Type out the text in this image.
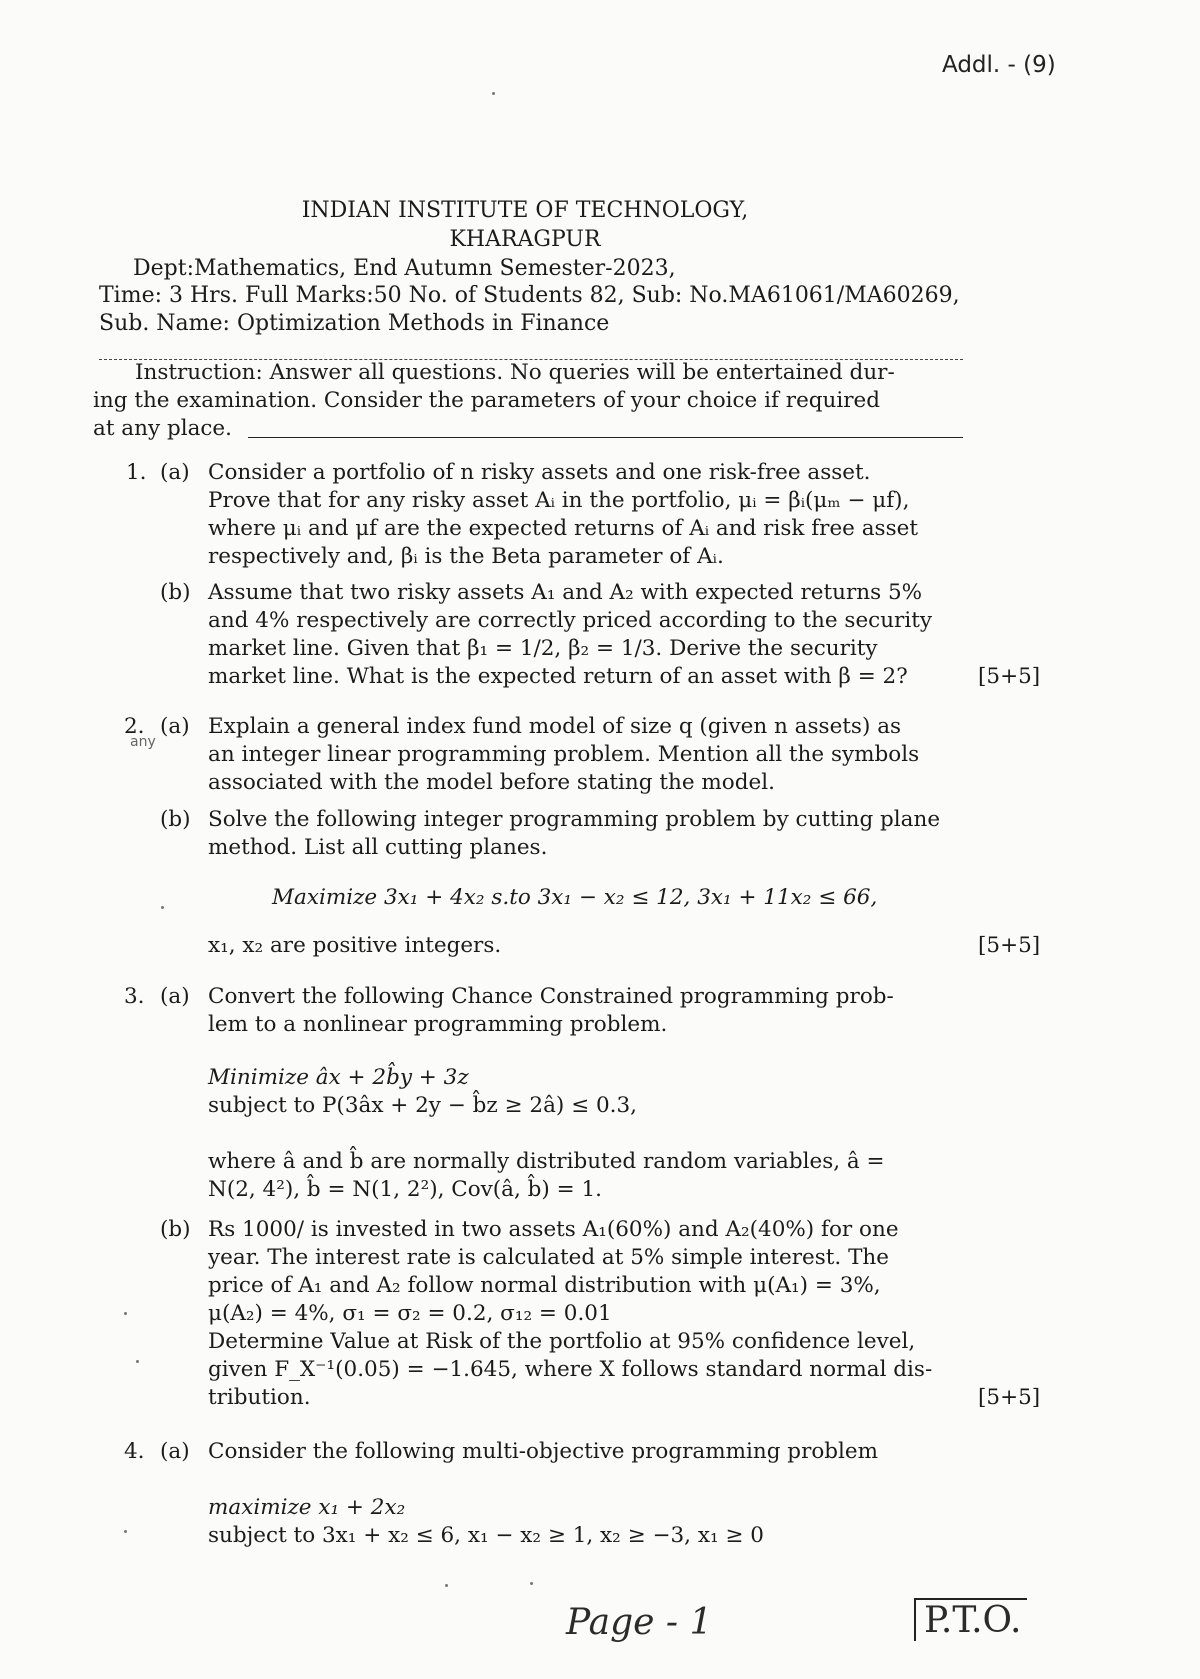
Addl. - (9)
INDIAN INSTITUTE OF TECHNOLOGY,
KHARAGPUR
Dept:Mathematics, End Autumn Semester-2023,
Time: 3 Hrs. Full Marks:50 No. of Students 82, Sub: No.MA61061/MA60269,
Sub. Name: Optimization Methods in Finance
Instruction: Answer all questions. No queries will be entertained dur-
ing the examination. Consider the parameters of your choice if required
at any place.
1. (a) Consider a portfolio of n risky assets and one risk-free asset.
Prove that for any risky asset Aᵢ in the portfolio, μᵢ = βᵢ(μₘ − μf),
where μᵢ and μf are the expected returns of Aᵢ and risk free asset
respectively and, βᵢ is the Beta parameter of Aᵢ.
(b) Assume that two risky assets A₁ and A₂ with expected returns 5%
and 4% respectively are correctly priced according to the security
market line. Given that β₁ = 1/2, β₂ = 1/3. Derive the security
market line. What is the expected return of an asset with β = 2?	[5+5]
2.
any
(a) Explain a general index fund model of size q (given n assets) as
an integer linear programming problem. Mention all the symbols
associated with the model before stating the model.
(b) Solve the following integer programming problem by cutting plane
method. List all cutting planes.
Maximize 3x₁ + 4x₂ s.to 3x₁ − x₂ ≤ 12, 3x₁ + 11x₂ ≤ 66,
x₁, x₂ are positive integers.	[5+5]
3. (a) Convert the following Chance Constrained programming prob-
lem to a nonlinear programming problem.
Minimize âx + 2b̂y + 3z
subject to P(3âx + 2y − b̂z ≥ 2â) ≤ 0.3,
where â and b̂ are normally distributed random variables, â =
N(2, 4²), b̂ = N(1, 2²), Cov(â, b̂) = 1.
(b) Rs 1000/ is invested in two assets A₁(60%) and A₂(40%) for one
year. The interest rate is calculated at 5% simple interest. The
price of A₁ and A₂ follow normal distribution with μ(A₁) = 3%,
μ(A₂) = 4%, σ₁ = σ₂ = 0.2, σ₁₂ = 0.01
Determine Value at Risk of the portfolio at 95% confidence level,
given F_X⁻¹(0.05) = −1.645, where X follows standard normal dis-
tribution.	[5+5]
4. (a) Consider the following multi-objective programming problem
maximize x₁ + 2x₂
subject to 3x₁ + x₂ ≤ 6, x₁ − x₂ ≥ 1, x₂ ≥ −3, x₁ ≥ 0
Page - 1	P.T.O.
